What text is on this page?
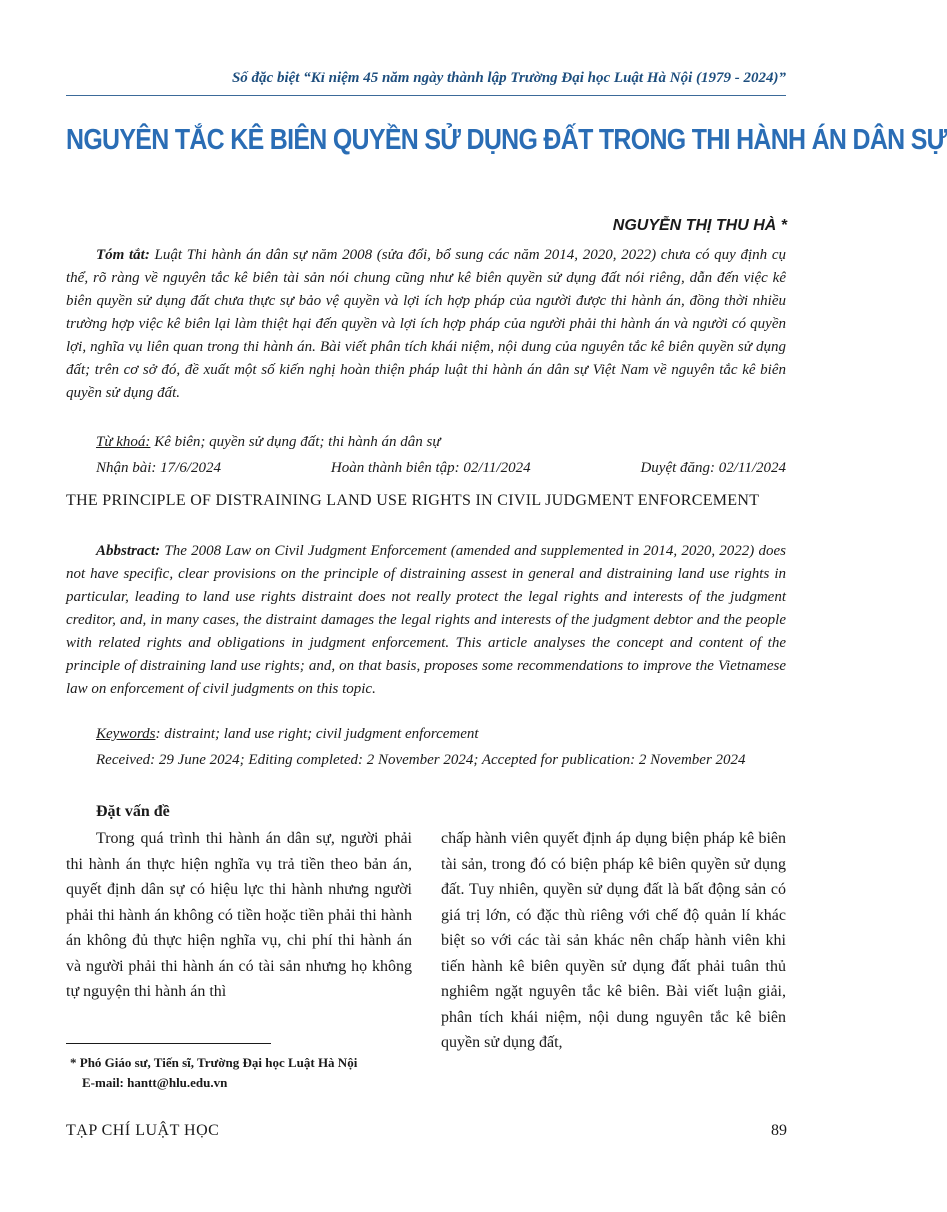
Số đặc biệt “Kỉ niệm 45 năm ngày thành lập Trường Đại học Luật Hà Nội (1979 - 2024)”
NGUYÊN TẮC KÊ BIÊN QUYỀN SỬ DỤNG ĐẤT TRONG THI HÀNH ÁN DÂN SỰ
NGUYỄN THỊ THU HÀ *
Tóm tắt: Luật Thi hành án dân sự năm 2008 (sửa đổi, bổ sung các năm 2014, 2020, 2022) chưa có quy định cụ thể, rõ ràng về nguyên tắc kê biên tài sản nói chung cũng như kê biên quyền sử dụng đất nói riêng, dẫn đến việc kê biên quyền sử dụng đất chưa thực sự bảo vệ quyền và lợi ích hợp pháp của người được thi hành án, đồng thời nhiều trường hợp việc kê biên lại làm thiệt hại đến quyền và lợi ích hợp pháp của người phải thi hành án và người có quyền lợi, nghĩa vụ liên quan trong thi hành án. Bài viết phân tích khái niệm, nội dung của nguyên tắc kê biên quyền sử dụng đất; trên cơ sở đó, đề xuất một số kiến nghị hoàn thiện pháp luật thi hành án dân sự Việt Nam về nguyên tắc kê biên quyền sử dụng đất.
Từ khoá: Kê biên; quyền sử dụng đất; thi hành án dân sự
Nhận bài: 17/6/2024	Hoàn thành biên tập: 02/11/2024	Duyệt đăng: 02/11/2024
THE PRINCIPLE OF DISTRAINING LAND USE RIGHTS IN CIVIL JUDGMENT ENFORCEMENT
Abbstract: The 2008 Law on Civil Judgment Enforcement (amended and supplemented in 2014, 2020, 2022) does not have specific, clear provisions on the principle of distraining assest in general and distraining land use rights in particular, leading to land use rights distraint does not really protect the legal rights and interests of the judgment creditor, and, in many cases, the distraint damages the legal rights and interests of the judgment debtor and the people with related rights and obligations in judgment enforcement. This article analyses the concept and content of the principle of distraining land use rights; and, on that basis, proposes some recommendations to improve the Vietnamese law on enforcement of civil judgments on this topic.
Keywords: distraint; land use right; civil judgment enforcement
Received: 29 June 2024; Editing completed: 2 November 2024; Accepted for publication: 2 November 2024
Đặt vấn đề
Trong quá trình thi hành án dân sự, người phải thi hành án thực hiện nghĩa vụ trả tiền theo bản án, quyết định dân sự có hiệu lực thi hành nhưng người phải thi hành án không có tiền hoặc tiền phải thi hành án không đủ thực hiện nghĩa vụ, chi phí thi hành án và người phải thi hành án có tài sản nhưng họ không tự nguyện thi hành án thì
chấp hành viên quyết định áp dụng biện pháp kê biên tài sản, trong đó có biện pháp kê biên quyền sử dụng đất. Tuy nhiên, quyền sử dụng đất là bất động sản có giá trị lớn, có đặc thù riêng với chế độ quản lí khác biệt so với các tài sản khác nên chấp hành viên khi tiến hành kê biên quyền sử dụng đất phải tuân thủ nghiêm ngặt nguyên tắc kê biên. Bài viết luận giải, phân tích khái niệm, nội dung nguyên tắc kê biên quyền sử dụng đất,
* Phó Giáo sư, Tiến sĩ, Trường Đại học Luật Hà Nội
E-mail: hantt@hlu.edu.vn
TẠP CHÍ LUẬT HỌC	89
